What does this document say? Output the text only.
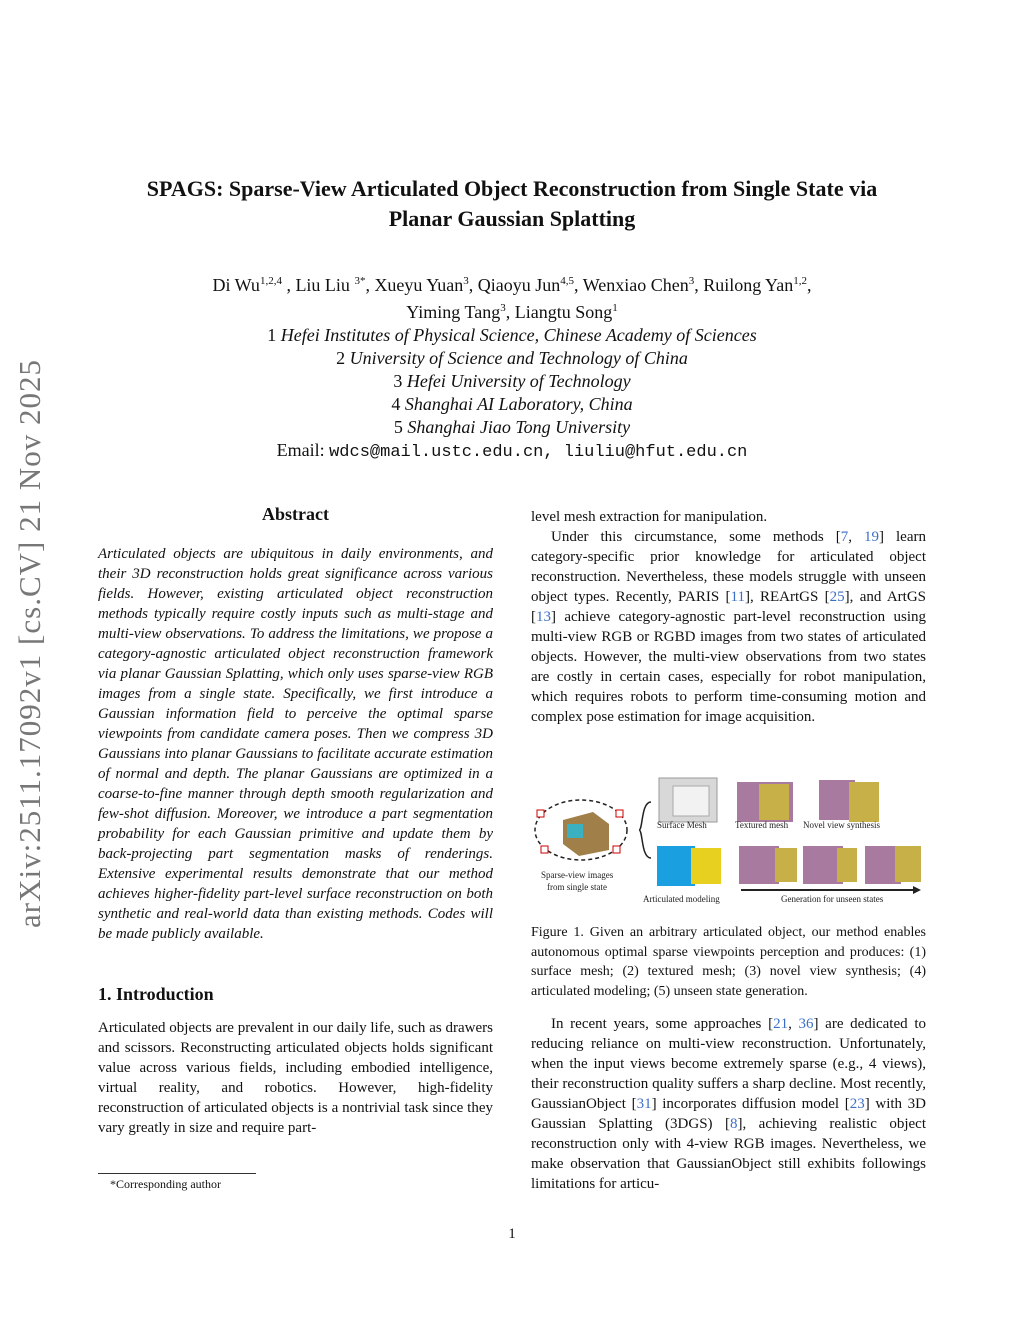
arXiv:2511.17092v1 [cs.CV] 21 Nov 2025
SPAGS: Sparse-View Articulated Object Reconstruction from Single State via
Planar Gaussian Splatting
Di Wu$^{1,2,4}$ , Liu Liu $^{3*}$, Xueyu Yuan$^3$, Qiaoyu Jun$^{4,5}$, Wenxiao Chen$^3$, Ruilong Yan$^{1,2}$,
Yiming Tang$^3$, Liangtu Song$^1$
1 Hefei Institutes of Physical Science, Chinese Academy of Sciences
2 University of Science and Technology of China
3 Hefei University of Technology
4 Shanghai AI Laboratory, China
5 Shanghai Jiao Tong University
Email: wdcs@mail.ustc.edu.cn, liuliu@hfut.edu.cn
Abstract

Articulated objects are ubiquitous in daily environments, and their 3D reconstruction holds great significance across various fields. However, existing articulated object reconstruction methods typically require costly inputs such as multi-stage and multi-view observations. To address the limitations, we propose a category-agnostic articulated object reconstruction framework via planar Gaussian Splatting, which only uses sparse-view RGB images from a single state. Specifically, we first introduce a Gaussian information field to perceive the optimal sparse viewpoints from candidate camera poses. Then we compress 3D Gaussians into planar Gaussians to facilitate accurate estimation of normal and depth. The planar Gaussians are optimized in a coarse-to-fine manner through depth smooth regularization and few-shot diffusion. Moreover, we introduce a part segmentation probability for each Gaussian primitive and update them by back-projecting part segmentation masks of renderings. Extensive experimental results demonstrate that our method achieves higher-fidelity part-level surface reconstruction on both synthetic and real-world data than existing methods. Codes will be made publicly available.

1. Introduction

Articulated objects are prevalent in our daily life, such as drawers and scissors. Reconstructing articulated objects holds significant value across various fields, including embodied intelligence, virtual reality, and robotics. However, high-fidelity reconstruction of articulated objects is a nontrivial task since they vary greatly in size and require part-

*Corresponding author

level mesh extraction for manipulation.

Under this circumstance, some methods [7, 19] learn category-specific prior knowledge for articulated object reconstruction. Nevertheless, these models struggle with unseen object types. Recently, PARIS [11], REArtGS [25], and ArtGS [13] achieve category-agnostic part-level reconstruction using multi-view RGB or RGBD images from two states of articulated objects. However, the multi-view observations from two states are costly in certain cases, especially for robot manipulation, which requires robots to perform time-consuming motion and complex pose estimation for image acquisition.

Surface Mesh	Textured mesh Novel view synthesis
Sparse-view images
from single state
Articulated modeling	Generation for unseen states
Figure 1. Given an arbitrary articulated object, our method enables autonomous optimal sparse viewpoints perception and produces: (1) surface mesh; (2) textured mesh; (3) novel view synthesis; (4) articulated modeling; (5) unseen state generation.

In recent years, some approaches [21, 36] are dedicated to reducing reliance on multi-view reconstruction. Unfortunately, when the input views become extremely sparse (e.g., 4 views), their reconstruction quality suffers a sharp decline. Most recently, GaussianObject [31] incorporates diffusion model [23] with 3D Gaussian Splatting (3DGS) [8], achieving realistic object reconstruction only with 4-view RGB images. Nevertheless, we make observation that GaussianObject still exhibits followings limitations for articu-

1
